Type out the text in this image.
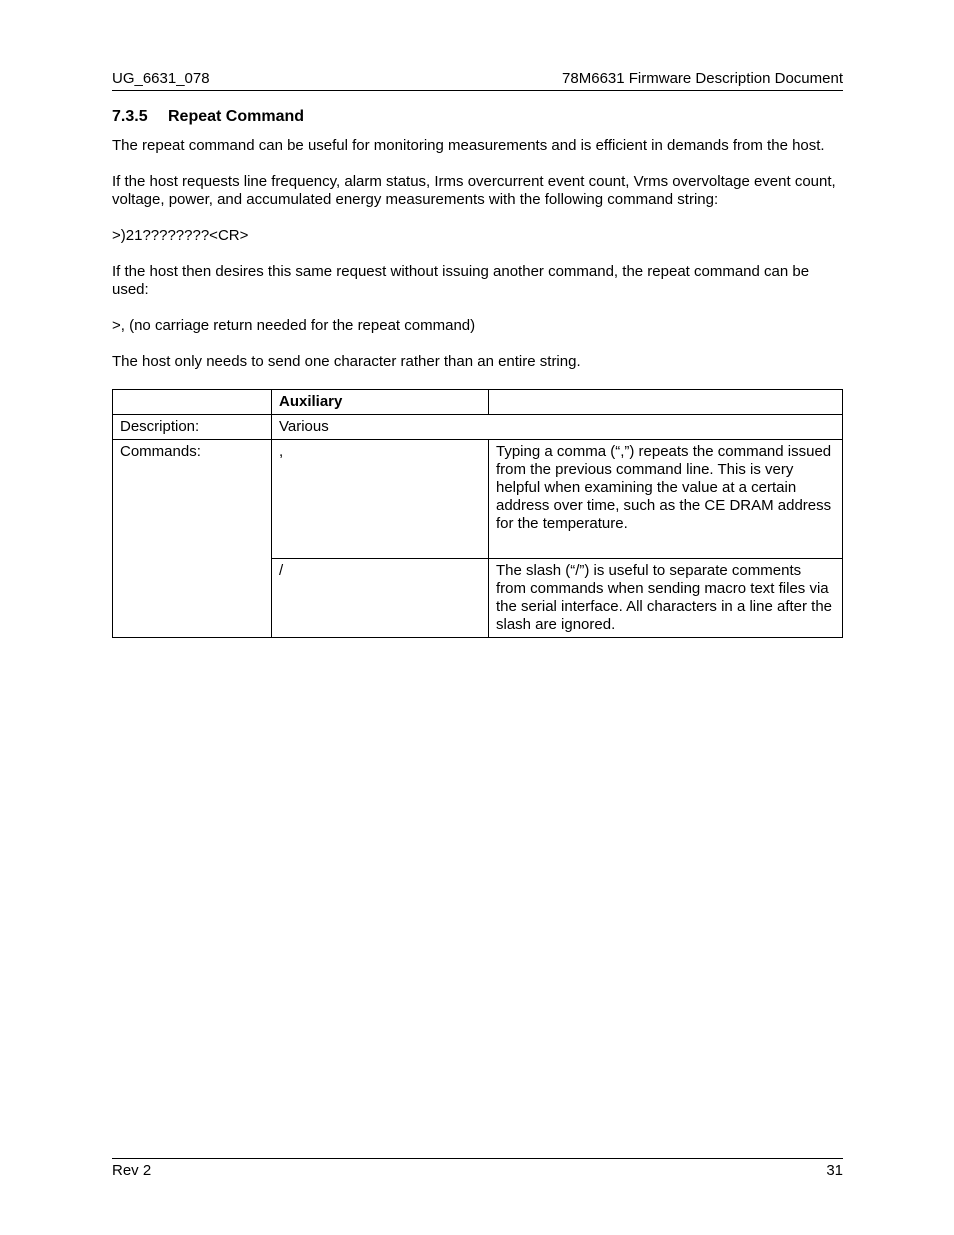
UG_6631_078	78M6631 Firmware Description Document
7.3.5 Repeat Command

The repeat command can be useful for monitoring measurements and is efficient in demands from the host.

If the host requests line frequency, alarm status, Irms overcurrent event count, Vrms overvoltage event count, voltage, power, and accumulated energy measurements with the following command string:

>)21????????<CR>

If the host then desires this same request without issuing another command, the repeat command can be used:

>, (no carriage return needed for the repeat command)

The host only needs to send one character rather than an entire string.

	Auxiliary	
Description:	Various	
Commands:	,	Typing a comma (“,”) repeats the command issued from the previous command line. This is very helpful when examining the value at a certain address over time, such as the CE DRAM address for the temperature.
	/	The slash (“/”) is useful to separate comments from commands when sending macro text files via the serial interface. All characters in a line after the slash are ignored.
Rev 2	31
